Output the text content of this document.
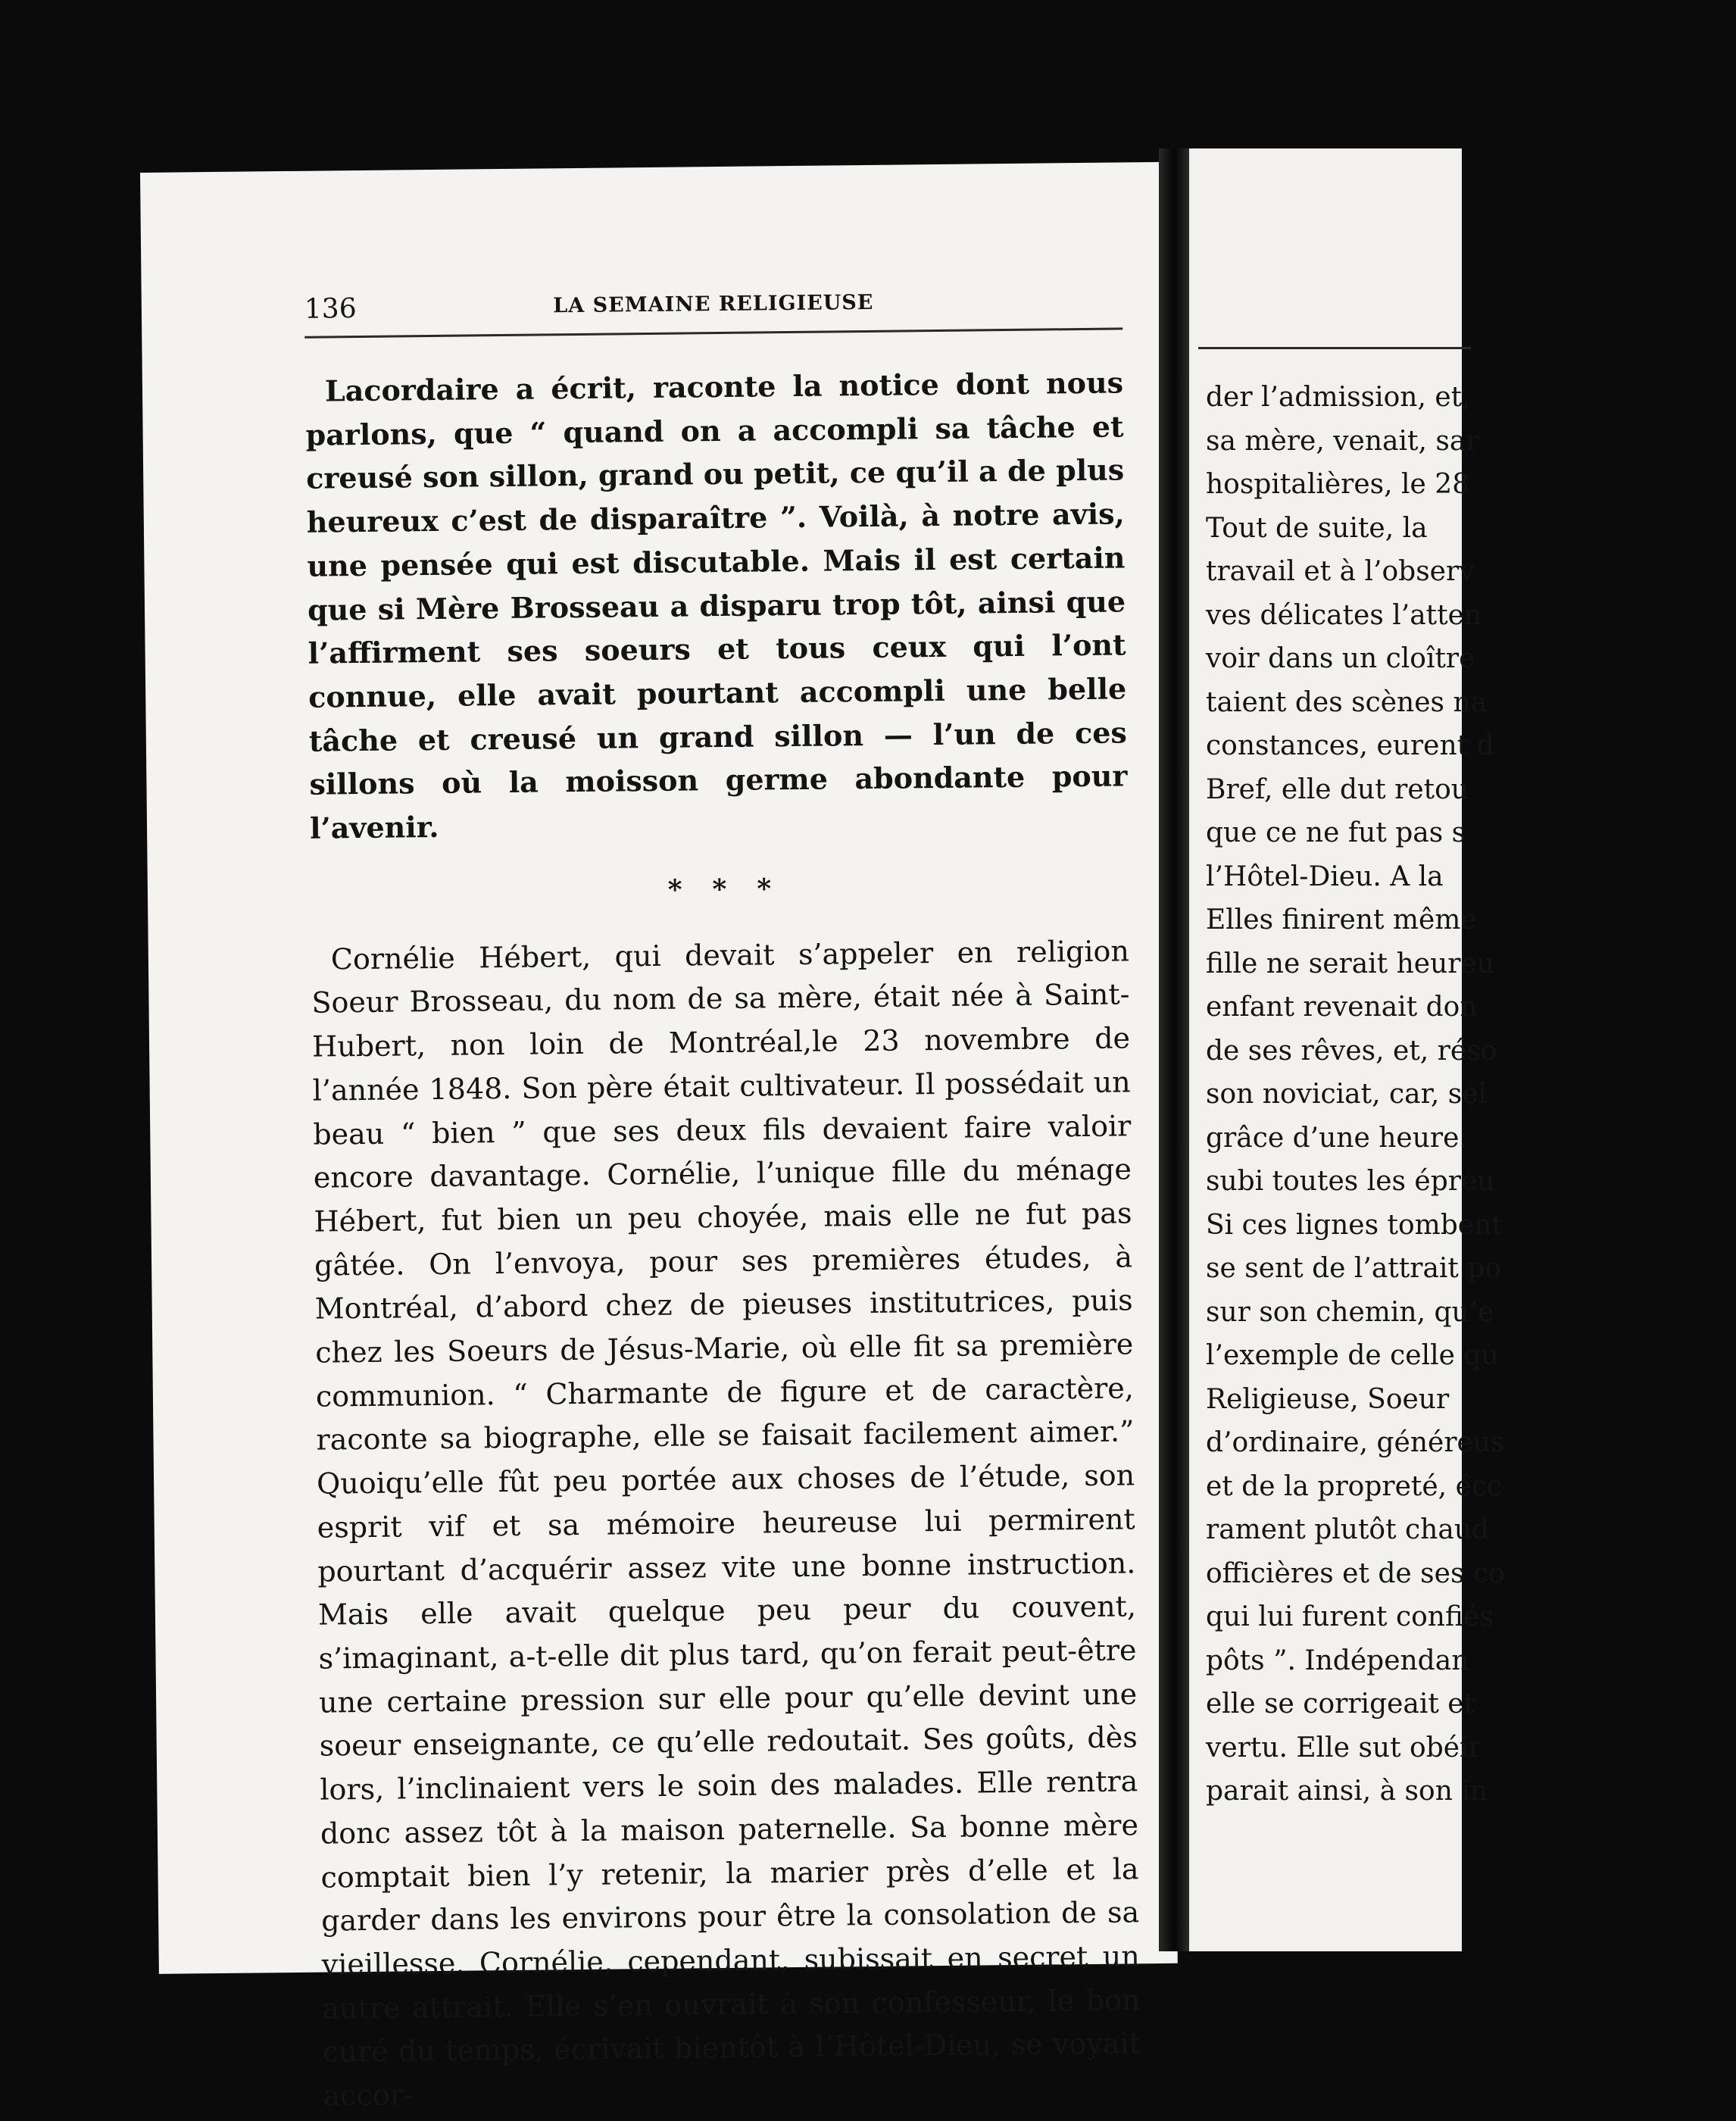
136	LA SEMAINE RELIGIEUSE

Lacordaire a écrit, raconte la notice dont nous parlons, que “ quand on a accompli sa tâche et creusé son sillon, grand ou petit, ce qu’il a de plus heureux c’est de disparaître ”. Voilà, à notre avis, une pensée qui est discutable. Mais il est certain que si Mère Brosseau a disparu trop tôt, ainsi que l’affirment ses soeurs et tous ceux qui l’ont connue, elle avait pourtant accompli une belle tâche et creusé un grand sillon — l’un de ces sillons où la moisson germe abondante pour l’avenir.

* * *

Cornélie Hébert, qui devait s’appeler en religion Soeur Brosseau, du nom de sa mère, était née à Saint-Hubert, non loin de Montréal,le 23 novembre de l’année 1848. Son père était cultivateur. Il possédait un beau “ bien ” que ses deux fils devaient faire valoir encore davantage. Cornélie, l’unique fille du ménage Hébert, fut bien un peu choyée, mais elle ne fut pas gâtée. On l’envoya, pour ses premières études, à Montréal, d’abord chez de pieuses institutrices, puis chez les Soeurs de Jésus-Marie, où elle fit sa première communion. “ Charmante de figure et de caractère, raconte sa biographe, elle se faisait facilement aimer.” Quoiqu’elle fût peu portée aux choses de l’étude, son esprit vif et sa mémoire heureuse lui permirent pourtant d’acquérir assez vite une bonne instruction. Mais elle avait quelque peu peur du couvent, s’imaginant, a-t-elle dit plus tard, qu’on ferait peut-être une certaine pression sur elle pour qu’elle devint une soeur enseignante, ce qu’elle redoutait. Ses goûts, dès lors, l’inclinaient vers le soin des malades. Elle rentra donc assez tôt à la maison paternelle. Sa bonne mère comptait bien l’y retenir, la marier près d’elle et la garder dans les environs pour être la consolation de sa vieillesse. Cornélie, cependant, subissait en secret un autre attrait. Elle s’en ouvrait à son confesseur, le bon curé du temps, écrivait bientôt à l’Hôtel-Dieu, se voyait accor-

der l’admission, et,
sa mère, venait, sar
hospitalières, le 28
Tout de suite, la
travail et à l’observ
ves délicates l’atten
voir dans un cloître
taient des scènes na
constances, eurent d
Bref, elle dut retou
que ce ne fut pas s
l’Hôtel-Dieu. A la
Elles finirent même
fille ne serait heureu
enfant revenait don
de ses rêves, et, réso
son noviciat, car, sel
grâce d’une heure.
subi toutes les épreu
Si ces lignes tombent
se sent de l’attrait po
sur son chemin, qu’e
l’exemple de celle qu
Religieuse, Soeur
d’ordinaire, généreus
et de la propreté, écc
rament plutôt chaud
officières et de ses co
qui lui furent confiés
pôts ”. Indépendan
elle se corrigeait et
vertu. Elle sut obéir
parait ainsi, à son in
